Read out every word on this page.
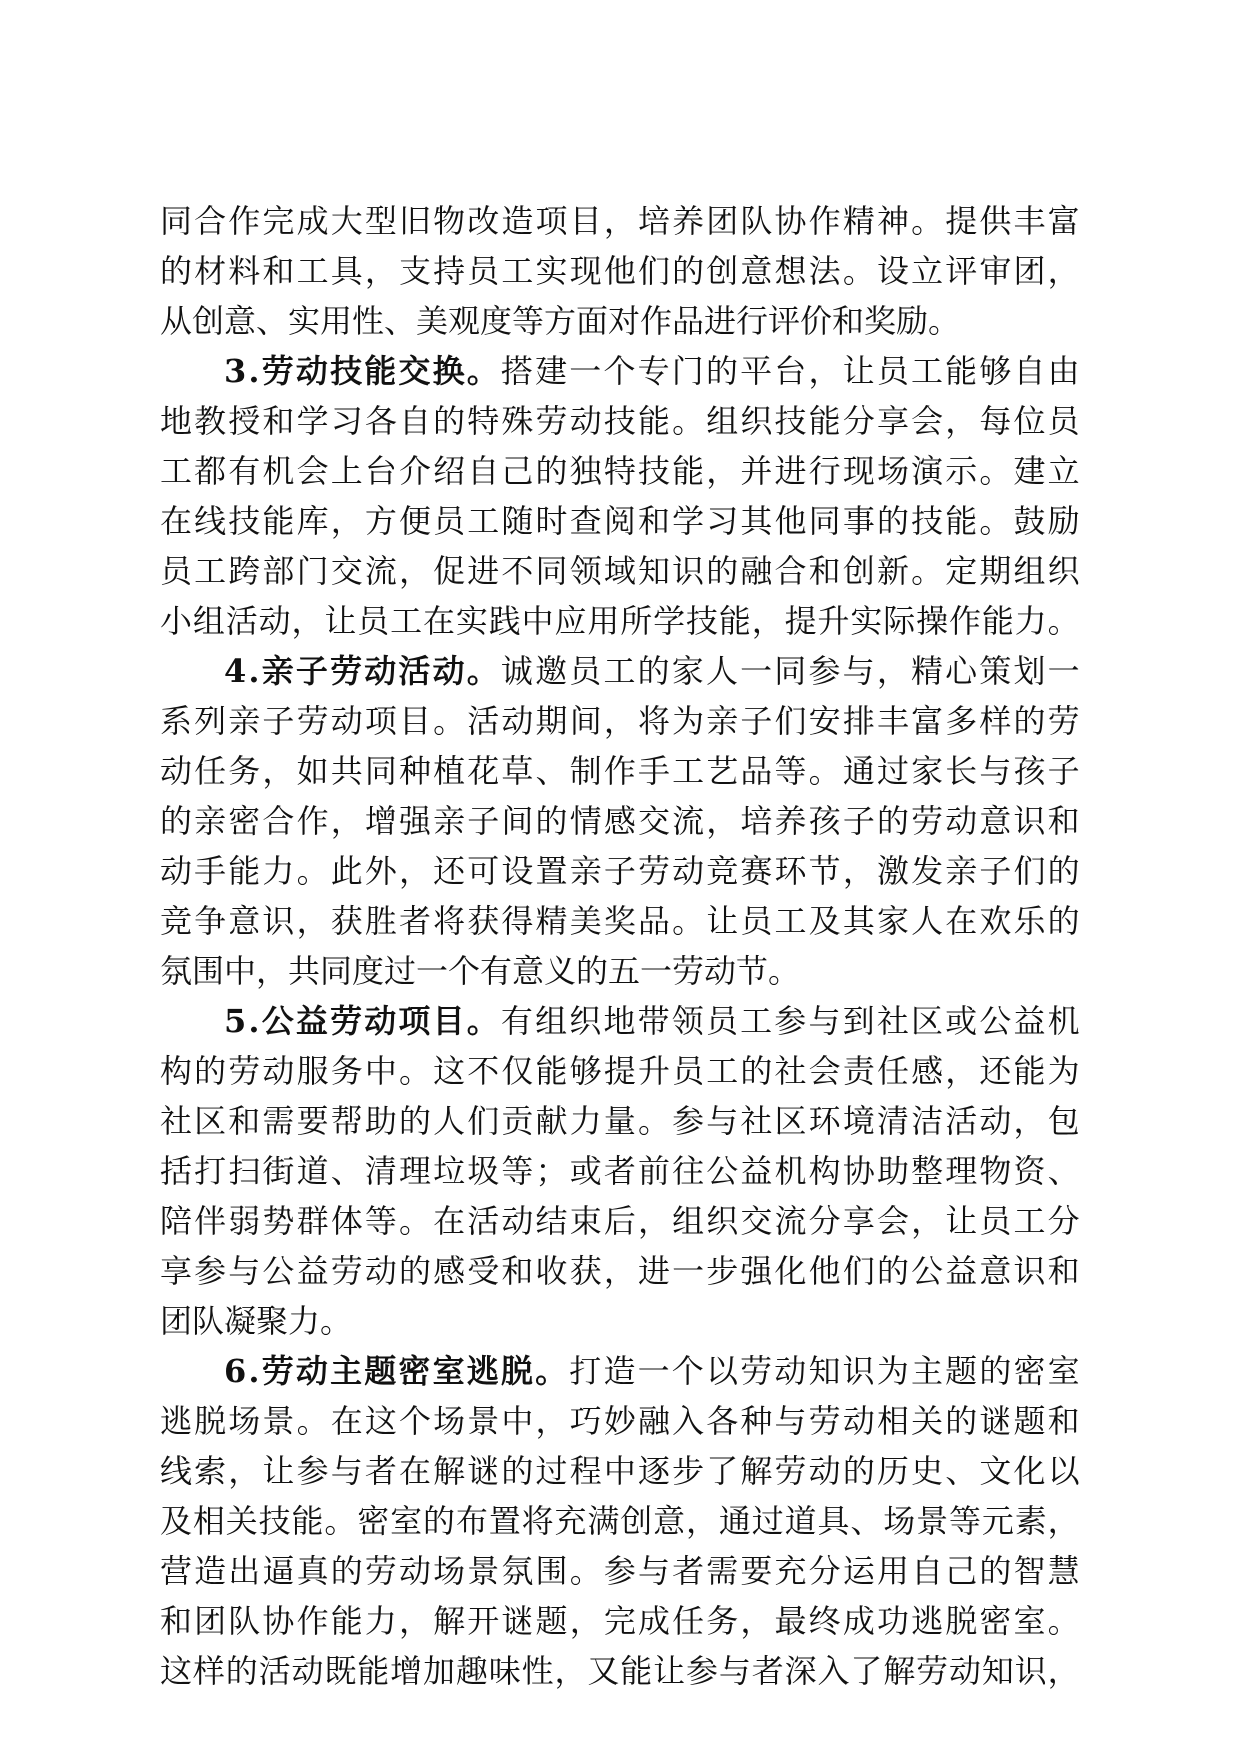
同 合 作 完 成 大 型 旧 物 改 造 项 目 ， 培 养 团 队 协 作 精 神 。 提 供 丰 富
的 材 料 和 工 具 ， 支 持 员 工 实 现 他 们 的 创 意 想 法 。 设 立 评 审 团 ，
从创意、实用性、美观度等方面对作品进行评价和奖励。
3 . 劳 动 技 能 交 换 。 搭 建 一 个 专 门 的 平 台 ， 让 员 工 能 够 自 由
地 教 授 和 学 习 各 自 的 特 殊 劳 动 技 能 。 组 织 技 能 分 享 会 ， 每 位 员
工 都 有 机 会 上 台 介 绍 自 己 的 独 特 技 能 ， 并 进 行 现 场 演 示 。 建 立
在 线 技 能 库 ， 方 便 员 工 随 时 查 阅 和 学 习 其 他 同 事 的 技 能 。 鼓 励
员 工 跨 部 门 交 流 ， 促 进 不 同 领 域 知 识 的 融 合 和 创 新 。 定 期 组 织
小 组 活 动 ， 让 员 工 在 实 践 中 应 用 所 学 技 能 ， 提 升 实 际 操 作 能 力 。
4 . 亲 子 劳 动 活 动 。 诚 邀 员 工 的 家 人 一 同 参 与 ， 精 心 策 划 一
系 列 亲 子 劳 动 项 目 。 活 动 期 间 ， 将 为 亲 子 们 安 排 丰 富 多 样 的 劳
动 任 务 ， 如 共 同 种 植 花 草 、 制 作 手 工 艺 品 等 。 通 过 家 长 与 孩 子
的 亲 密 合 作 ， 增 强 亲 子 间 的 情 感 交 流 ， 培 养 孩 子 的 劳 动 意 识 和
动 手 能 力 。 此 外 ， 还 可 设 置 亲 子 劳 动 竞 赛 环 节 ， 激 发 亲 子 们 的
竞 争 意 识 ， 获 胜 者 将 获 得 精 美 奖 品 。 让 员 工 及 其 家 人 在 欢 乐 的
氛围中，共同度过一个有意义的五一劳动节。
5 . 公 益 劳 动 项 目 。 有 组 织 地 带 领 员 工 参 与 到 社 区 或 公 益 机
构 的 劳 动 服 务 中 。 这 不 仅 能 够 提 升 员 工 的 社 会 责 任 感 ， 还 能 为
社 区 和 需 要 帮 助 的 人 们 贡 献 力 量 。 参 与 社 区 环 境 清 洁 活 动 ， 包
括 打 扫 街 道 、 清 理 垃 圾 等 ； 或 者 前 往 公 益 机 构 协 助 整 理 物 资 、
陪 伴 弱 势 群 体 等 。 在 活 动 结 束 后 ， 组 织 交 流 分 享 会 ， 让 员 工 分
享 参 与 公 益 劳 动 的 感 受 和 收 获 ， 进 一 步 强 化 他 们 的 公 益 意 识 和
团队凝聚力。
6 . 劳 动 主 题 密 室 逃 脱 。 打 造 一 个 以 劳 动 知 识 为 主 题 的 密 室
逃 脱 场 景 。 在 这 个 场 景 中 ， 巧 妙 融 入 各 种 与 劳 动 相 关 的 谜 题 和
线 索 ， 让 参 与 者 在 解 谜 的 过 程 中 逐 步 了 解 劳 动 的 历 史 、 文 化 以
及 相 关 技 能 。 密 室 的 布 置 将 充 满 创 意 ， 通 过 道 具 、 场 景 等 元 素 ，
营 造 出 逼 真 的 劳 动 场 景 氛 围 。 参 与 者 需 要 充 分 运 用 自 己 的 智 慧
和 团 队 协 作 能 力 ， 解 开 谜 题 ， 完 成 任 务 ， 最 终 成 功 逃 脱 密 室 。
这 样 的 活 动 既 能 增 加 趣 味 性 ， 又 能 让 参 与 者 深 入 了 解 劳 动 知 识 ，
